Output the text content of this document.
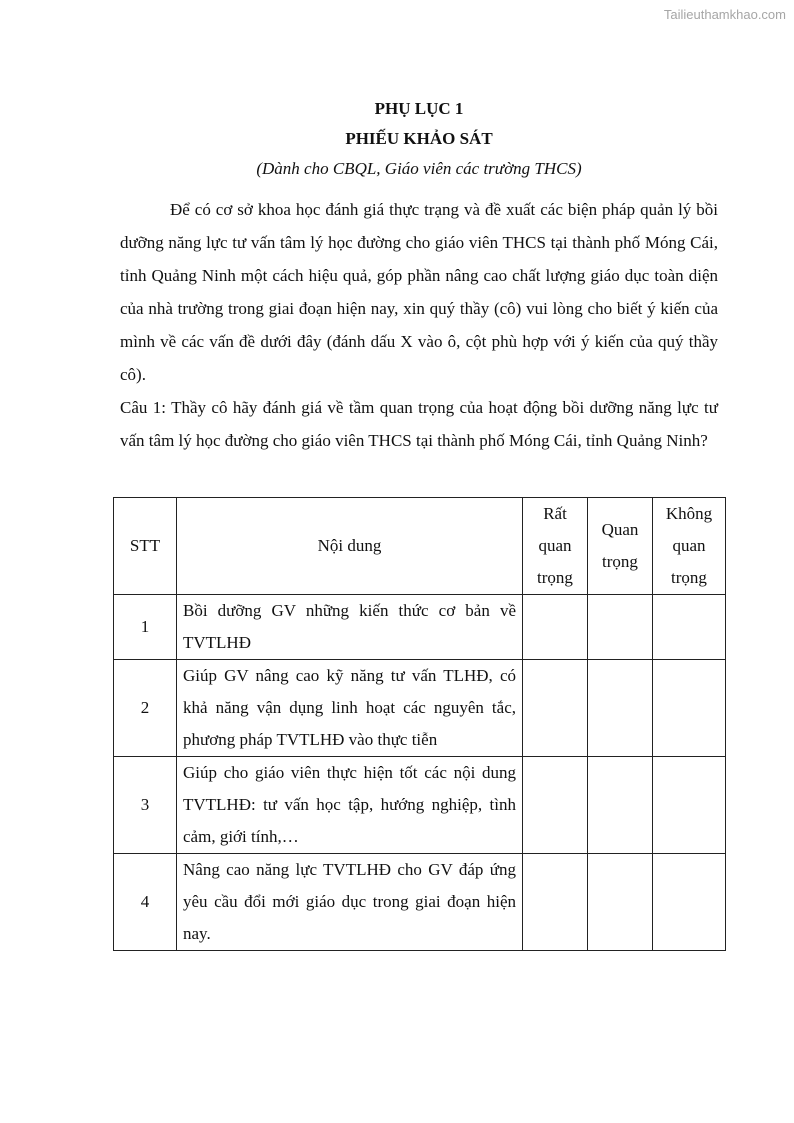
Tailieuthamkhao.com
PHỤ LỤC 1
PHIẾU KHẢO SÁT
(Dành cho CBQL, Giáo viên các trường THCS)

Để có cơ sở khoa học đánh giá thực trạng và đề xuất các biện pháp quản lý bồi dưỡng năng lực tư vấn tâm lý học đường cho giáo viên THCS tại thành phố Móng Cái, tỉnh Quảng Ninh một cách hiệu quả, góp phần nâng cao chất lượng giáo dục toàn diện của nhà trường trong giai đoạn hiện nay, xin quý thầy (cô) vui lòng cho biết ý kiến của mình về các vấn đề dưới đây (đánh dấu X vào ô, cột phù hợp với ý kiến của quý thầy cô).

Câu 1: Thầy cô hãy đánh giá về tầm quan trọng của hoạt động bồi dưỡng năng lực tư vấn tâm lý học đường cho giáo viên THCS tại thành phố Móng Cái, tỉnh Quảng Ninh?

STT	Nội dung	Rất quan trọng	Quan trọng	Không quan trọng
1	Bồi dưỡng GV những kiến thức cơ bản về TVTLHĐ			
2	Giúp GV nâng cao kỹ năng tư vấn TLHĐ, có khả năng vận dụng linh hoạt các nguyên tắc, phương pháp TVTLHĐ vào thực tiễn			
3	Giúp cho giáo viên thực hiện tốt các nội dung TVTLHĐ: tư vấn học tập, hướng nghiệp, tình cảm, giới tính,…			
4	Nâng cao năng lực TVTLHĐ cho GV đáp ứng yêu cầu đổi mới giáo dục trong giai đoạn hiện nay.			
